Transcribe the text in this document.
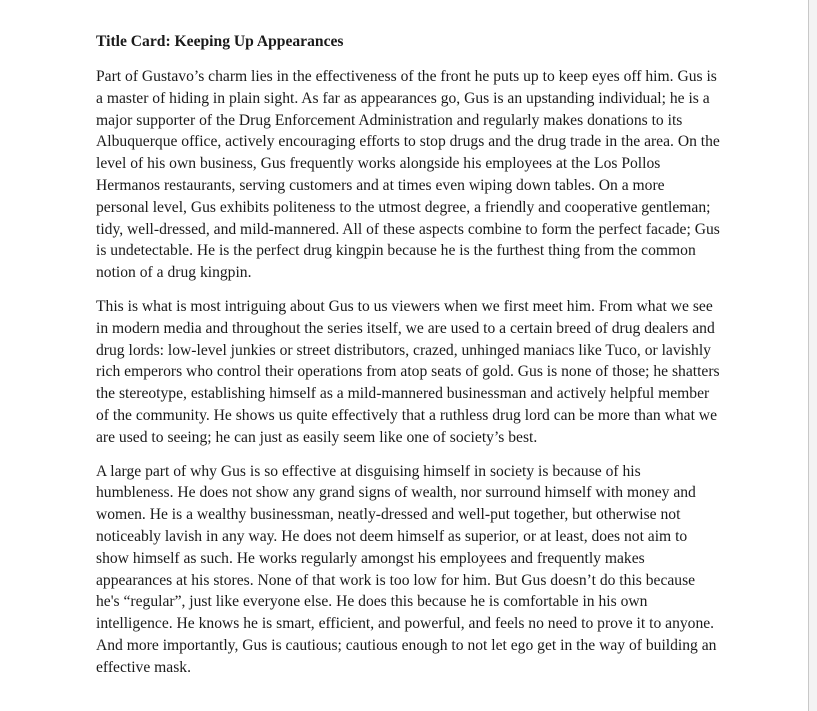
Title Card: Keeping Up Appearances
Part of Gustavo’s charm lies in the effectiveness of the front he puts up to keep eyes off him. Gus is a master of hiding in plain sight. As far as appearances go, Gus is an upstanding individual; he is a major supporter of the Drug Enforcement Administration and regularly makes donations to its Albuquerque office, actively encouraging efforts to stop drugs and the drug trade in the area. On the level of his own business, Gus frequently works alongside his employees at the Los Pollos Hermanos restaurants, serving customers and at times even wiping down tables. On a more personal level, Gus exhibits politeness to the utmost degree, a friendly and cooperative gentleman; tidy, well-dressed, and mild-mannered. All of these aspects combine to form the perfect facade; Gus is undetectable. He is the perfect drug kingpin because he is the furthest thing from the common notion of a drug kingpin.
This is what is most intriguing about Gus to us viewers when we first meet him. From what we see in modern media and throughout the series itself, we are used to a certain breed of drug dealers and drug lords: low-level junkies or street distributors, crazed, unhinged maniacs like Tuco, or lavishly rich emperors who control their operations from atop seats of gold. Gus is none of those; he shatters the stereotype, establishing himself as a mild-mannered businessman and actively helpful member of the community. He shows us quite effectively that a ruthless drug lord can be more than what we are used to seeing; he can just as easily seem like one of society’s best.
A large part of why Gus is so effective at disguising himself in society is because of his humbleness. He does not show any grand signs of wealth, nor surround himself with money and women. He is a wealthy businessman, neatly-dressed and well-put together, but otherwise not noticeably lavish in any way. He does not deem himself as superior, or at least, does not aim to show himself as such. He works regularly amongst his employees and frequently makes appearances at his stores. None of that work is too low for him. But Gus doesn’t do this because he's “regular”, just like everyone else. He does this because he is comfortable in his own intelligence. He knows he is smart, efficient, and powerful, and feels no need to prove it to anyone. And more importantly, Gus is cautious; cautious enough to not let ego get in the way of building an effective mask.
